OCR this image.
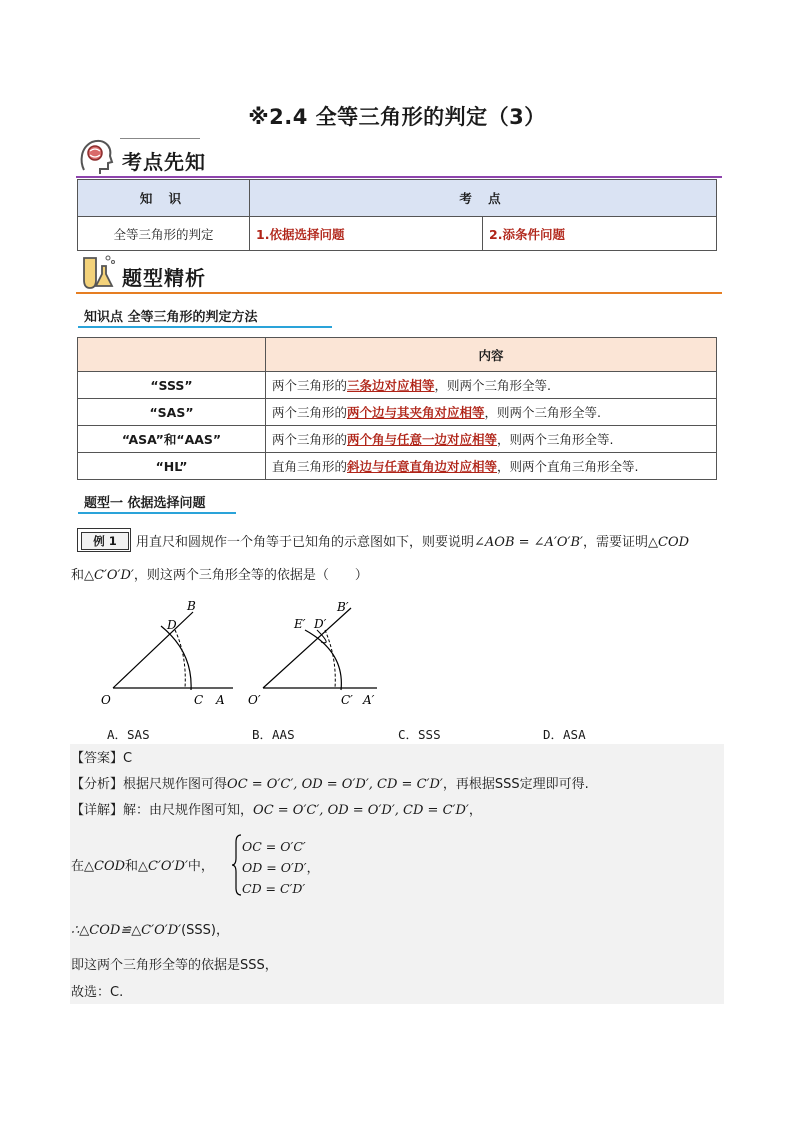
※2.4 全等三角形的判定（3）
考点先知
知 识	考 点	
全等三角形的判定	1.依据选择问题	2.添条件问题
题型精析
知识点 全等三角形的判定方法
	内容
“SSS”	两个三角形的三条边对应相等，则两个三角形全等.
“SAS”	两个三角形的两个边与其夹角对应相等，则两个三角形全等.
“ASA”和“AAS”	两个三角形的两个角与任意一边对应相等，则两个三角形全等.
“HL”	直角三角形的斜边与任意直角边对应相等，则两个直角三角形全等.
题型一 依据选择问题
例 1	用直尺和圆规作一个角等于已知角的示意图如下，则要说明∠AOB = ∠A′O′B′，需要证明△COD
和△C′O′D′，则这两个三角形全等的依据是（　　）
B
D
O	C A
B′
E′ D′
O′	C′ A′
A．SAS	B．AAS	C．SSS	D．ASA
【答案】C
【分析】根据尺规作图可得OC = O′C′, OD = O′D′, CD = C′D′，再根据SSS定理即可得.
【详解】解：由尺规作图可知，OC = O′C′, OD = O′D′, CD = C′D′，
在△COD和△C′O′D′中，
OC = O′C′
OD = O′D′，
CD = C′D′
∴△COD≌△C′O′D′(SSS)，
即这两个三角形全等的依据是SSS，
故选：C.
